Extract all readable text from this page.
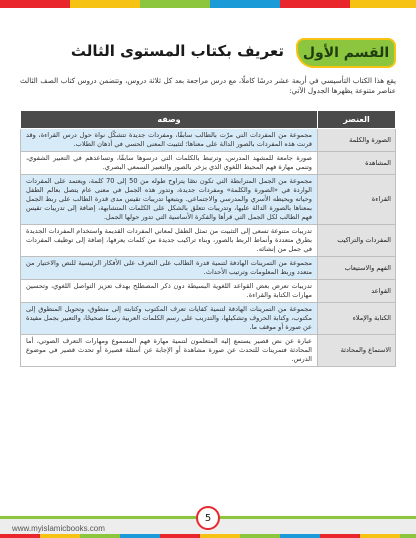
القسم الأول
تعريف بكتاب المستوى الثالث

يقع هذا الكتاب التأسيسي في أربعة عشر درسًا كاملًا، مع درس مراجعة بعد كل ثلاثة دروس، وتتضمن دروس كتاب الصف الثالث عناصر متنوعة يظهرها الجدول الآتي:

العنصر	وصفه
الصورة والكلمة	مجموعة من المفردات التي مرّت بالطالب سابقًا، ومفردات جديدة تتشكّل نواة حول درس القراءة، وقد قرنت هذه المفردات بالصور الدالة على معناها؛ لتثبيت المعنى الحسي في أذهان الطلاب.
المشاهدة	صورة جامعة للمشهد المدرس، وترتبط بالكلمات التي درسوها سابقًا، وتساعدهم في التعبير الشفوي، وتنمي مهارة فهم المحيط اللغوي الذي يزخر بالصور والتعبير السمعي البصري.
القراءة	مجموعة من الجمل المترابطة التي تكون نصًا يتراوح طوله من 50 إلى 70 كلمة، ويعتمد على المفردات الواردة في «الصورة والكلمة» ومفردات جديدة، وتدور هذه الجمل في معنى عام يتصل بعالم الطفل وحياته ويحيطه الأسري والمدرسي والاجتماعي. ويتبعها تدريبات تقيس مدى قدرة الطالب على ربط الجمل بمعناها بالصورة الدالة عليها، وتدريبات تتعلق بالشكل على الكلمات المتشابهة، إضافة إلى تدريبات تقيس فهم الطالب لكل الجمل التي قرأها والفكرة الأساسية التي تدور حولها الجمل.
المفردات والتراكيب	تدريبات متنوعة تسعى إلى التثبيت من تمثل الطفل لمعاني المفردات القديمة واستخدام المفردات الجديدة بطرق متعددة وأنماط الربط بالصور، وبناء تراكيب جديدة من كلمات يعرفها، إضافة إلى توظيف المفردات في جمل من إنشائه.
الفهم والاستيعاب	مجموعة من التمرينات الهادفة لتنمية قدرة الطالب على التعرف على الأفكار الرئيسية للنص والاختيار من متعدد وربط المعلومات وترتيب الأحداث.
القواعد	تدريبات تعرض بعض القواعد اللغوية البسيطة دون ذكر المصطلح بهدف تعزيز التواصل اللغوي، وتحسين مهارات الكتابة والقراءة.
الكتابة والإملاء	مجموعة من التمرينات الهادفة لتنمية كفايات تعرف المكتوب وكتابته إلى منطوق، وتحويل المنطوق إلى مكتوب، وكتابة الحروف وتشكيلها، والتدريب على رسم الكلمات العربية رسمًا صحيحًا، والتعبير بجمل مفيدة عن صورة أو موقف ما.
الاستماع والمحادثة	عبارة عن نص قصير يستمع إليه المتعلمون لتنمية مهارة فهم المسموع ومهارات التعرف الصوتي، أما المحادثة فتمرينات للتحدث عن صورة مشاهدة أو الإجابة عن أسئلة قصيرة أو تحدث قصير في موضوع الدرس.
www.myislamicbooks.com
5
